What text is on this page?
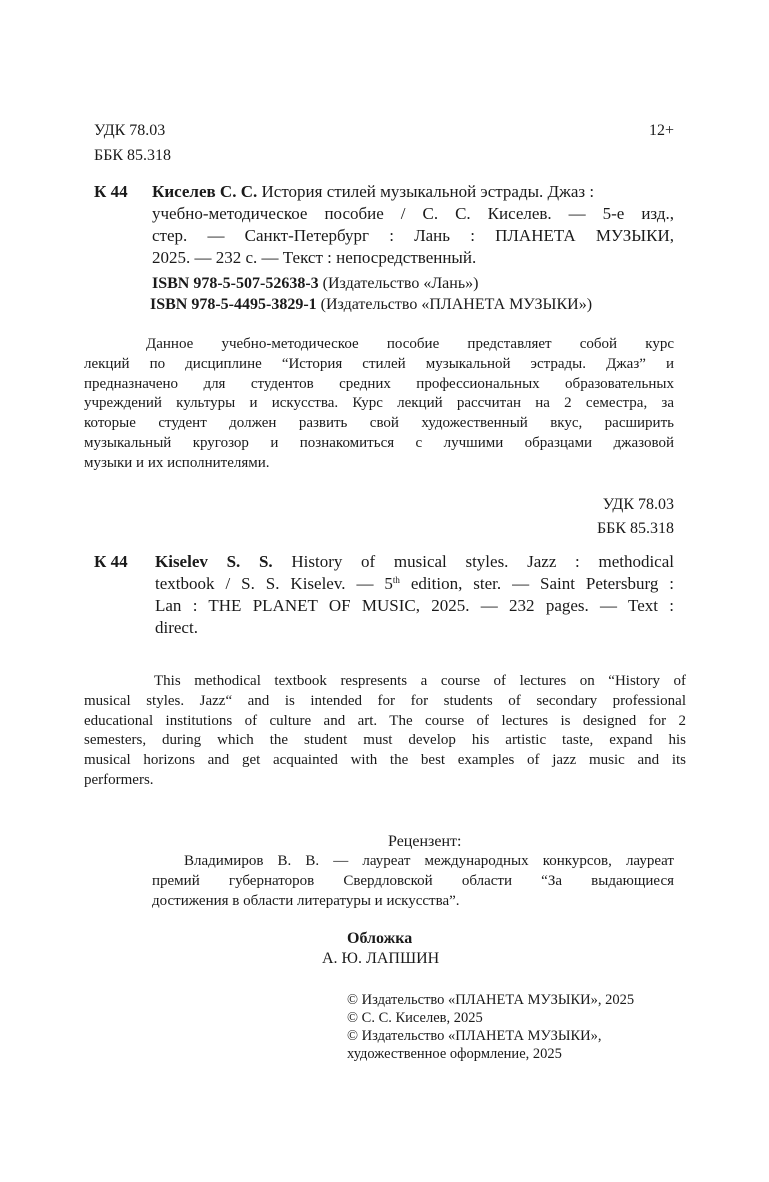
УДК 78.03
ББК 85.318
12+
К 44 Киселев С. С. История стилей музыкальной эстрады. Джаз :
учебно-методическое пособие / С. С. Киселев. — 5-е изд.,
стер. — Санкт-Петербург : Лань : ПЛАНЕТА МУЗЫКИ,
2025. — 232 с. — Текст : непосредственный.
ISBN 978-5-507-52638-3 (Издательство «Лань»)
ISBN 978-5-4495-3829-1 (Издательство «ПЛАНЕТА МУЗЫКИ»)
Данное учебно-методическое пособие представляет собой курс
лекций по дисциплине “История стилей музыкальной эстрады. Джаз” и
предназначено для студентов средних профессиональных образовательных
учреждений культуры и искусства. Курс лекций рассчитан на 2 семестра, за
которые студент должен развить свой художественный вкус, расширить
музыкальный кругозор и познакомиться с лучшими образцами джазовой
музыки и их исполнителями.
УДК 78.03
ББК 85.318
К 44 Kiselev S. S. History of musical styles. Jazz : methodical
textbook / S. S. Kiselev. — 5th edition, ster. — Saint Petersburg :
Lan : THE PLANET OF MUSIC, 2025. — 232 pages. — Text :
direct.
This methodical textbook respresents a course of lectures on “History of
musical styles. Jazz“ and is intended for for students of secondary professional
educational institutions of culture and art. The course of lectures is designed for 2
semesters, during which the student must develop his artistic taste, expand his
musical horizons and get acquainted with the best examples of jazz music and its
performers.
Рецензент:
Владимиров В. В. — лауреат международных конкурсов, лауреат
премий губернаторов Свердловской области “За выдающиеся
достижения в области литературы и искусства”.
Обложка
А. Ю. ЛАПШИН
© Издательство «ПЛАНЕТА МУЗЫКИ», 2025
© С. С. Киселев, 2025
© Издательство «ПЛАНЕТА МУЗЫКИ»,
художественное оформление, 2025
